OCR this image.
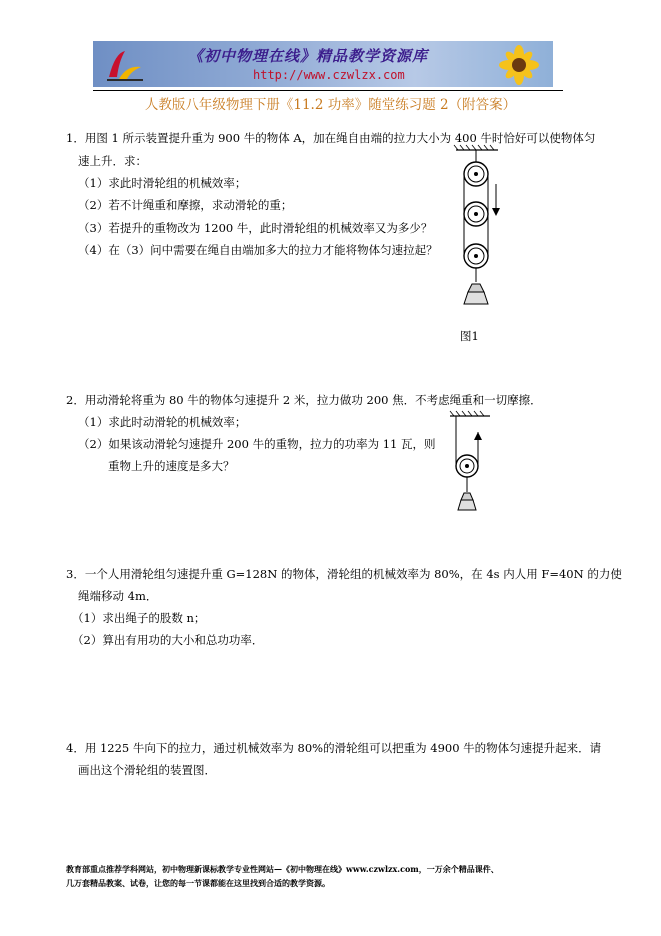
《初中物理在线》精品教学资源库
http://www.czwlzx.com
人教版八年级物理下册《11.2 功率》随堂练习题 2（附答案）
1．用图 1 所示装置提升重为 900 牛的物体 A，加在绳自由端的拉力大小为 400 牛时恰好可以使物体匀
速上升．求：
（1）求此时滑轮组的机械效率；
（2）若不计绳重和摩擦，求动滑轮的重；
（3）若提升的重物改为 1200 牛，此时滑轮组的机械效率又为多少？
（4）在（3）问中需要在绳自由端加多大的拉力才能将物体匀速拉起？
图1
2．用动滑轮将重为 80 牛的物体匀速提升 2 米，拉力做功 200 焦．不考虑绳重和一切摩擦．
（1）求此时动滑轮的机械效率；
（2）如果该动滑轮匀速提升 200 牛的重物，拉力的功率为 11 瓦，则
重物上升的速度是多大？
3．一个人用滑轮组匀速提升重 G=128N 的物体，滑轮组的机械效率为 80%，在 4s 内人用 F=40N 的力使
绳端移动 4m．
（1）求出绳子的股数 n；
（2）算出有用功的大小和总功功率．
4．用 1225 牛向下的拉力，通过机械效率为 80%的滑轮组可以把重为 4900 牛的物体匀速提升起来．请
画出这个滑轮组的装置图．
教育部重点推荐学科网站，初中物理新课标教学专业性网站—《初中物理在线》www.czwlzx.com，一万余个精品课件、
几万套精品教案、试卷，让您的每一节课都能在这里找到合适的教学资源。
